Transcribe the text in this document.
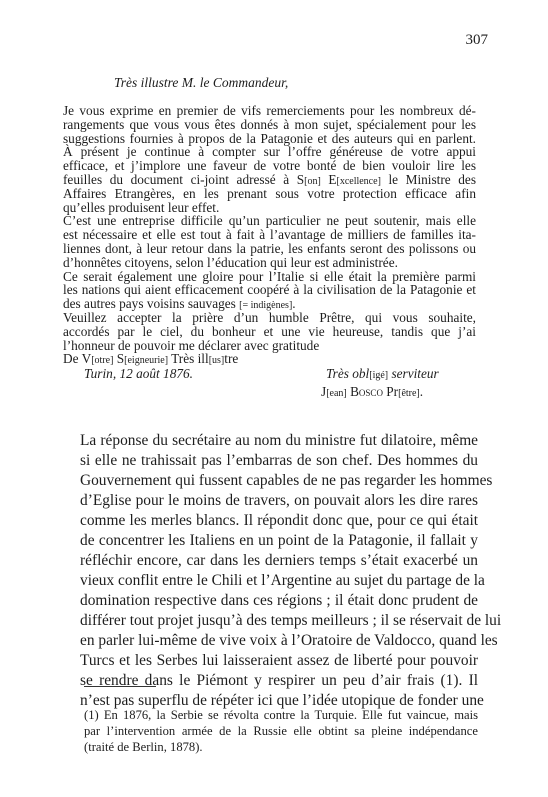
307
Très illustre M. le Commandeur,
Je vous exprime en premier de vifs remerciements pour les nombreux dé-
rangements que vous vous êtes donnés à mon sujet, spécialement pour les
suggestions fournies à propos de la Patagonie et des auteurs qui en parlent.
À présent je continue à compter sur l’offre généreuse de votre appui
efficace, et j’implore une faveur de votre bonté de bien vouloir lire les
feuilles du document ci-joint adressé à S[on] E[xcellence] le Ministre des
Affaires Etrangères, en les prenant sous votre protection efficace afin
qu’elles produisent leur effet.
C’est une entreprise difficile qu’un particulier ne peut soutenir, mais elle
est nécessaire et elle est tout à fait à l’avantage de milliers de familles ita-
liennes dont, à leur retour dans la patrie, les enfants seront des polissons ou
d’honnêtes citoyens, selon l’éducation qui leur est administrée.
Ce serait également une gloire pour l’Italie si elle était la première parmi
les nations qui aient efficacement coopéré à la civilisation de la Patagonie et
des autres pays voisins sauvages [= indigènes].
Veuillez accepter la prière d’un humble Prêtre, qui vous souhaite,
accordés par le ciel, du bonheur et une vie heureuse, tandis que j’ai
l’honneur de pouvoir me déclarer avec gratitude
De V[otre] S[eigneurie] Très ill[us]tre
Turin, 12 août 1876.	Très obl[igé] serviteur
J[ean] Bosco Pr[être].
La réponse du secrétaire au nom du ministre fut dilatoire, même
si elle ne trahissait pas l’embarras de son chef. Des hommes du
Gouvernement qui fussent capables de ne pas regarder les hommes
d’Eglise pour le moins de travers, on pouvait alors les dire rares
comme les merles blancs. Il répondit donc que, pour ce qui était
de concentrer les Italiens en un point de la Patagonie, il fallait y
réfléchir encore, car dans les derniers temps s’était exacerbé un
vieux conflit entre le Chili et l’Argentine au sujet du partage de la
domination respective dans ces régions ; il était donc prudent de
différer tout projet jusqu’à des temps meilleurs ; il se réservait de lui
en parler lui-même de vive voix à l’Oratoire de Valdocco, quand les
Turcs et les Serbes lui laisseraient assez de liberté pour pouvoir
se rendre dans le Piémont y respirer un peu d’air frais (1). Il
n’est pas superflu de répéter ici que l’idée utopique de fonder une
(1) En 1876, la Serbie se révolta contre la Turquie. Elle fut vaincue, mais
par l’intervention armée de la Russie elle obtint sa pleine indépendance
(traité de Berlin, 1878).
